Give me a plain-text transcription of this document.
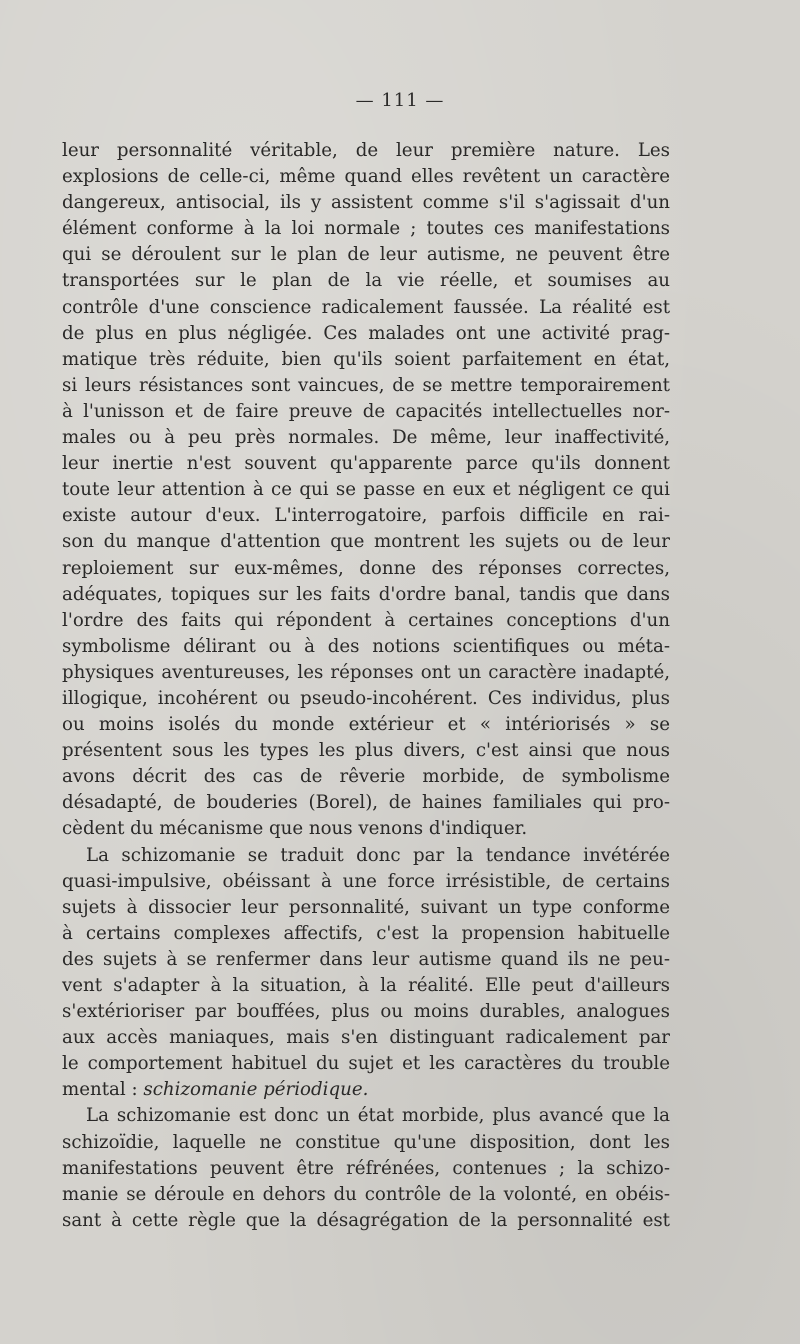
— 111 —
leur personnalité véritable, de leur première nature. Les
explosions de celle-ci, même quand elles revêtent un caractère
dangereux, antisocial, ils y assistent comme s'il s'agissait d'un
élément conforme à la loi normale ; toutes ces manifestations
qui se déroulent sur le plan de leur autisme, ne peuvent être
transportées sur le plan de la vie réelle, et soumises au
contrôle d'une conscience radicalement faussée. La réalité est
de plus en plus négligée. Ces malades ont une activité prag-
matique très réduite, bien qu'ils soient parfaitement en état,
si leurs résistances sont vaincues, de se mettre temporairement
à l'unisson et de faire preuve de capacités intellectuelles nor-
males ou à peu près normales. De même, leur inaffectivité,
leur inertie n'est souvent qu'apparente parce qu'ils donnent
toute leur attention à ce qui se passe en eux et négligent ce qui
existe autour d'eux. L'interrogatoire, parfois difficile en rai-
son du manque d'attention que montrent les sujets ou de leur
reploiement sur eux-mêmes, donne des réponses correctes,
adéquates, topiques sur les faits d'ordre banal, tandis que dans
l'ordre des faits qui répondent à certaines conceptions d'un
symbolisme délirant ou à des notions scientifiques ou méta-
physiques aventureuses, les réponses ont un caractère inadapté,
illogique, incohérent ou pseudo-incohérent. Ces individus, plus
ou moins isolés du monde extérieur et « intériorisés » se
présentent sous les types les plus divers, c'est ainsi que nous
avons décrit des cas de rêverie morbide, de symbolisme
désadapté, de bouderies (Borel), de haines familiales qui pro-
cèdent du mécanisme que nous venons d'indiquer.
La schizomanie se traduit donc par la tendance invétérée
quasi-impulsive, obéissant à une force irrésistible, de certains
sujets à dissocier leur personnalité, suivant un type conforme
à certains complexes affectifs, c'est la propension habituelle
des sujets à se renfermer dans leur autisme quand ils ne peu-
vent s'adapter à la situation, à la réalité. Elle peut d'ailleurs
s'extérioriser par bouffées, plus ou moins durables, analogues
aux accès maniaques, mais s'en distinguant radicalement par
le comportement habituel du sujet et les caractères du trouble
mental : schizomanie périodique.
La schizomanie est donc un état morbide, plus avancé que la
schizoïdie, laquelle ne constitue qu'une disposition, dont les
manifestations peuvent être réfrénées, contenues ; la schizo-
manie se déroule en dehors du contrôle de la volonté, en obéis-
sant à cette règle que la désagrégation de la personnalité est
